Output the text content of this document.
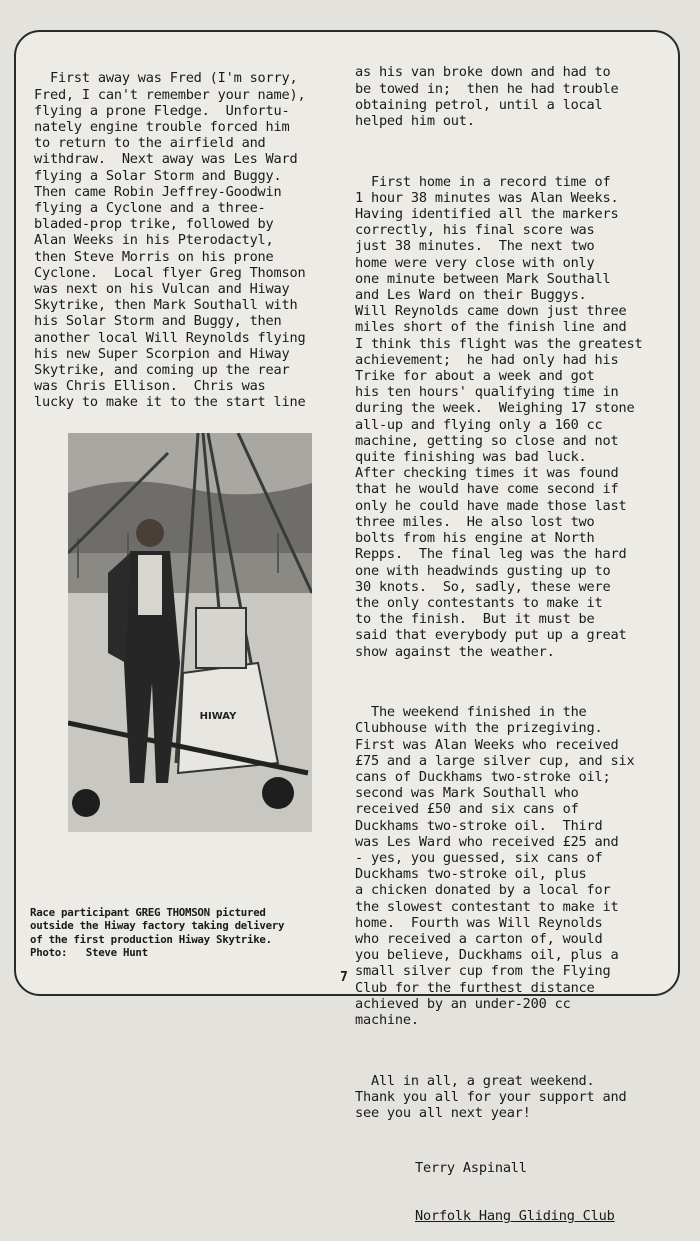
First away was Fred (I'm sorry,
Fred, I can't remember your name),
flying a prone Fledge.  Unfortu-
nately engine trouble forced him
to return to the airfield and
withdraw.  Next away was Les Ward
flying a Solar Storm and Buggy.
Then came Robin Jeffrey-Goodwin
flying a Cyclone and a three-
bladed-prop trike, followed by
Alan Weeks in his Pterodactyl,
then Steve Morris on his prone
Cyclone.  Local flyer Greg Thomson
was next on his Vulcan and Hiway
Skytrike, then Mark Southall with
his Solar Storm and Buggy, then
another local Will Reynolds flying
his new Super Scorpion and Hiway
Skytrike, and coming up the rear
was Chris Ellison.  Chris was
lucky to make it to the start line

as his van broke down and had to
be towed in;  then he had trouble
obtaining petrol, until a local
helped him out.

First home in a record time of
1 hour 38 minutes was Alan Weeks.
Having identified all the markers
correctly, his final score was
just 38 minutes.  The next two
home were very close with only
one minute between Mark Southall
and Les Ward on their Buggys.
Will Reynolds came down just three
miles short of the finish line and
I think this flight was the greatest
achievement;  he had only had his
Trike for about a week and got
his ten hours' qualifying time in
during the week.  Weighing 17 stone
all-up and flying only a 160 cc
machine, getting so close and not
quite finishing was bad luck.
After checking times it was found
that he would have come second if
only he could have made those last
three miles.  He also lost two
bolts from his engine at North
Repps.  The final leg was the hard
one with headwinds gusting up to
30 knots.  So, sadly, these were
the only contestants to make it
to the finish.  But it must be
said that everybody put up a great
show against the weather.

The weekend finished in the
Clubhouse with the prizegiving.
First was Alan Weeks who received
£75 and a large silver cup, and six
cans of Duckhams two-stroke oil;
second was Mark Southall who
received £50 and six cans of
Duckhams two-stroke oil.  Third
was Les Ward who received £25 and
- yes, you guessed, six cans of
Duckhams two-stroke oil, plus
a chicken donated by a local for
the slowest contestant to make it
home.  Fourth was Will Reynolds
who received a carton of, would
you believe, Duckhams oil, plus a
small silver cup from the Flying
Club for the furthest distance
achieved by an under-200 cc
machine.

All in all, a great weekend.
Thank you all for your support and
see you all next year!

Terry Aspinall

Norfolk Hang Gliding Club

HIWAY
Race participant GREG THOMSON pictured
outside the Hiway factory taking delivery
of the first production Hiway Skytrike.
Photo:   Steve Hunt
7
